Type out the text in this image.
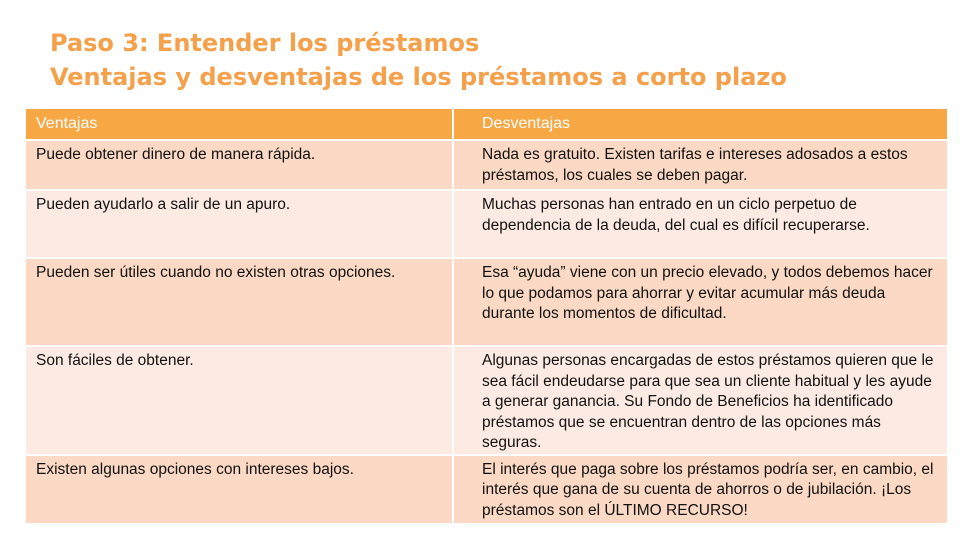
Paso 3: Entender los préstamos
Ventajas y desventajas de los préstamos a corto plazo
Ventajas	Desventajas
Puede obtener dinero de manera rápida.	Nada es gratuito. Existen tarifas e intereses adosados a estos préstamos, los cuales se deben pagar.
Pueden ayudarlo a salir de un apuro.	Muchas personas han entrado en un ciclo perpetuo de dependencia de la deuda, del cual es difícil recuperarse.
Pueden ser útiles cuando no existen otras opciones.	Esa “ayuda” viene con un precio elevado, y todos debemos hacer lo que podamos para ahorrar y evitar acumular más deuda durante los momentos de dificultad.
Son fáciles de obtener.	Algunas personas encargadas de estos préstamos quieren que le sea fácil endeudarse para que sea un cliente habitual y les ayude a generar ganancia. Su Fondo de Beneficios ha identificado préstamos que se encuentran dentro de las opciones más seguras.
Existen algunas opciones con intereses bajos.	El interés que paga sobre los préstamos podría ser, en cambio, el interés que gana de su cuenta de ahorros o de jubilación. ¡Los préstamos son el ÚLTIMO RECURSO!
